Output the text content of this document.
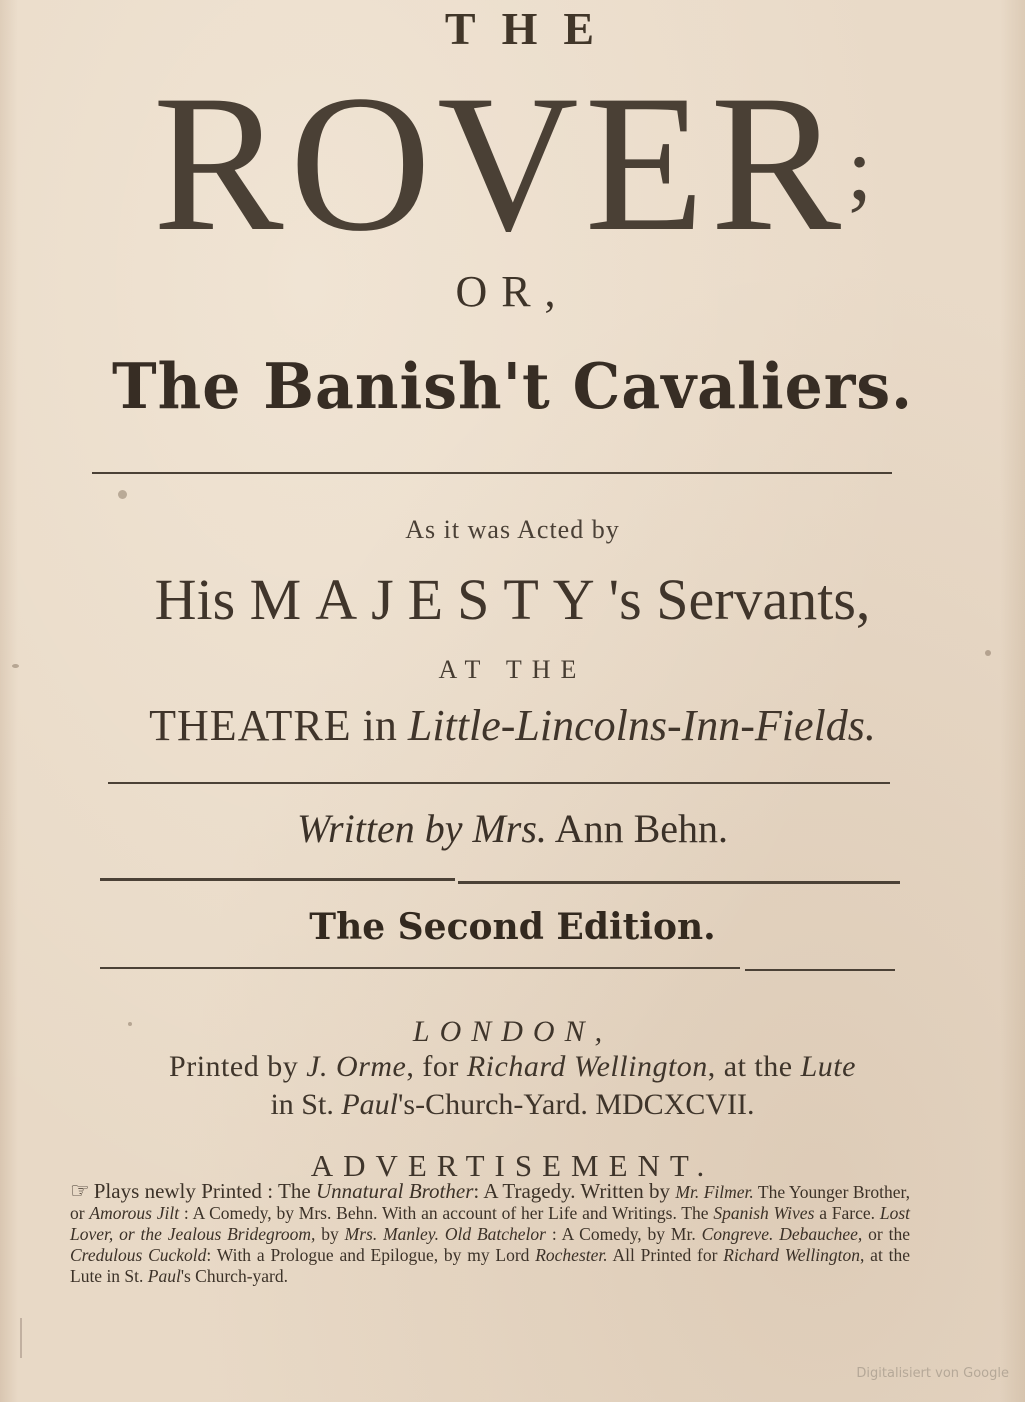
THE
ROVER;
OR,
The Banish't Cavaliers.
As it was Acted by
His MAJESTY's Servants,
AT THE
THEATRE in Little-Lincolns-Inn-Fields.
Written by Mrs. Ann Behn.
The Second Edition.
LONDON,
Printed by J. Orme, for Richard Wellington, at the Lute
in St. Paul's-Church-Yard. MDCXCVII.
ADVERTISEMENT.
☞ Plays newly Printed : The Unnatural Brother: A Tragedy. Written by Mr. Filmer. The Younger Brother, or Amorous Jilt : A Comedy, by Mrs. Behn. With an account of her Life and Writings. The Spanish Wives a Farce. Lost Lover, or the Jealous Bridegroom, by Mrs. Manley. Old Batchelor : A Comedy, by Mr. Congreve. Debauchee, or the Credulous Cuckold: With a Prologue and Epilogue, by my Lord Rochester. All Printed for Richard Wellington, at the Lute in St. Paul's Church-yard.
Digitalisiert von Google
